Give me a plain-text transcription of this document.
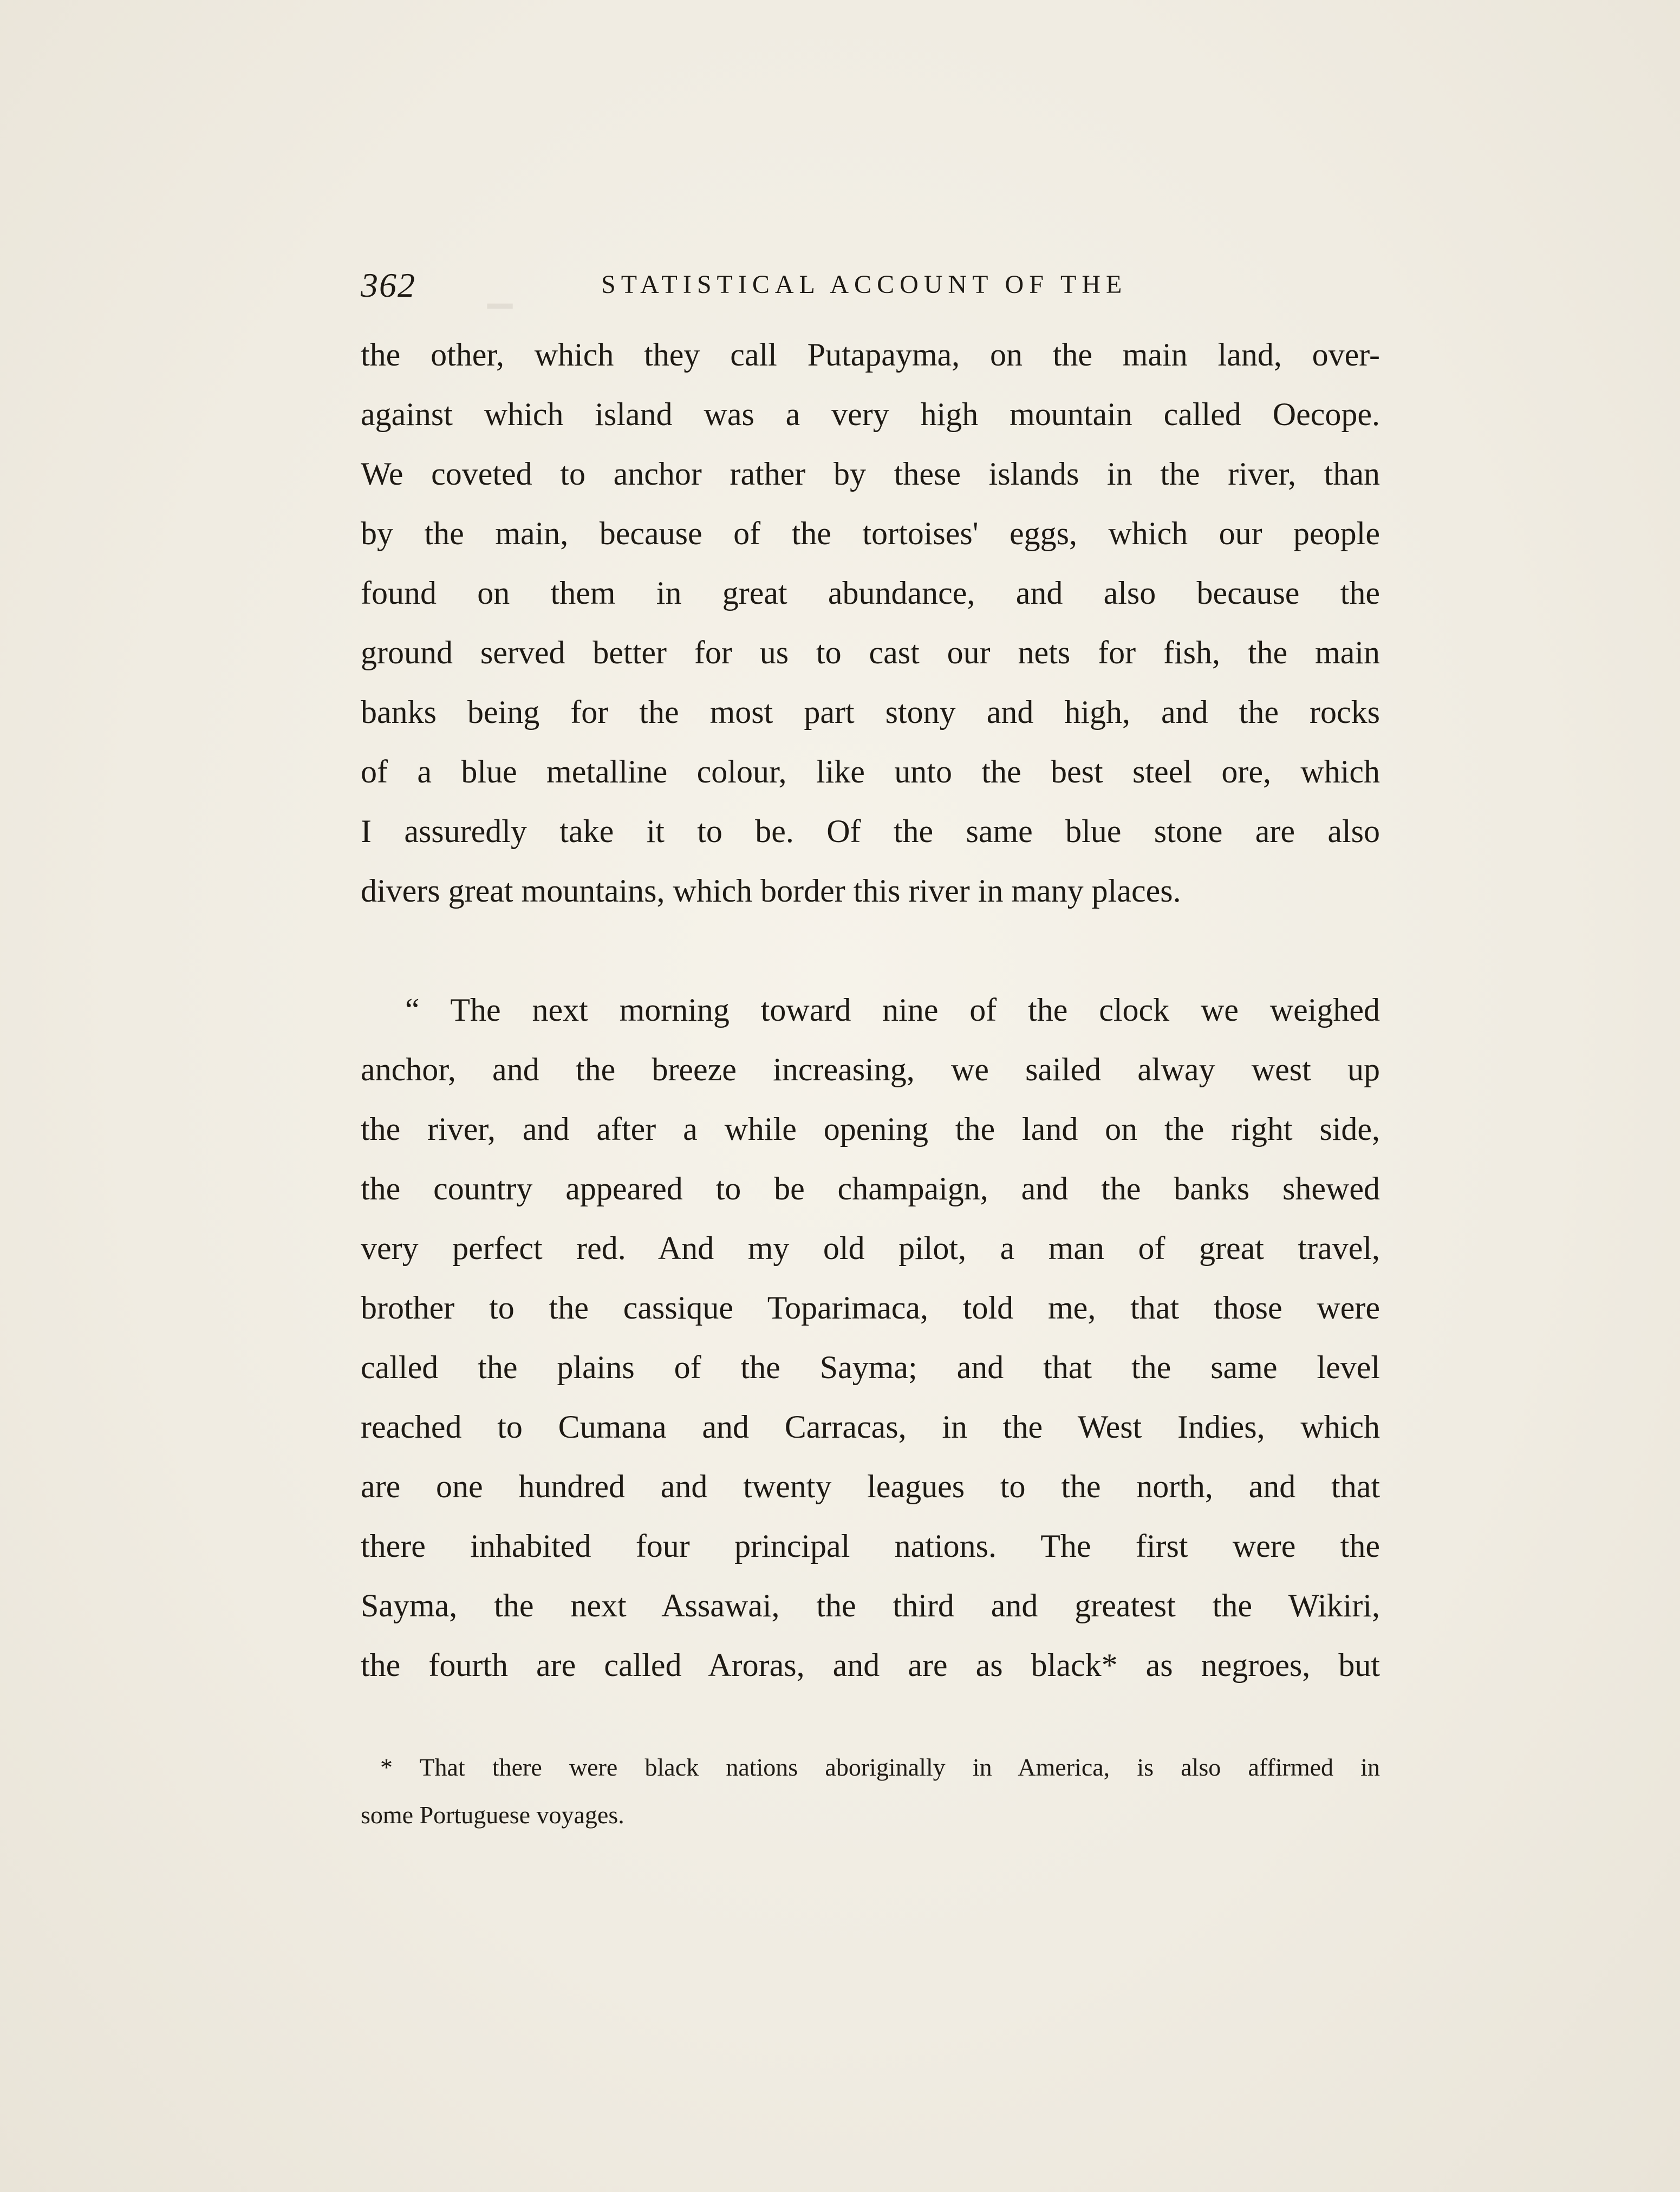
▁
362	STATISTICAL ACCOUNT OF THE
the other, which they call Putapayma, on the main land, over-
against which island was a very high mountain called Oecope.
We coveted to anchor rather by these islands in the river, than
by the main, because of the tortoises' eggs, which our people
found on them in great abundance, and also because the
ground served better for us to cast our nets for fish, the main
banks being for the most part stony and high, and the rocks
of a blue metalline colour, like unto the best steel ore, which
I assuredly take it to be. Of the same blue stone are also
divers great mountains, which border this river in many places.
“ The next morning toward nine of the clock we weighed
anchor, and the breeze increasing, we sailed alway west up
the river, and after a while opening the land on the right side,
the country appeared to be champaign, and the banks shewed
very perfect red. And my old pilot, a man of great travel,
brother to the cassique Toparimaca, told me, that those were
called the plains of the Sayma; and that the same level
reached to Cumana and Carracas, in the West Indies, which
are one hundred and twenty leagues to the north, and that
there inhabited four principal nations. The first were the
Sayma, the next Assawai, the third and greatest the Wikiri,
the fourth are called Aroras, and are as black* as negroes, but
* That there were black nations aboriginally in America, is also affirmed in
some Portuguese voyages.
